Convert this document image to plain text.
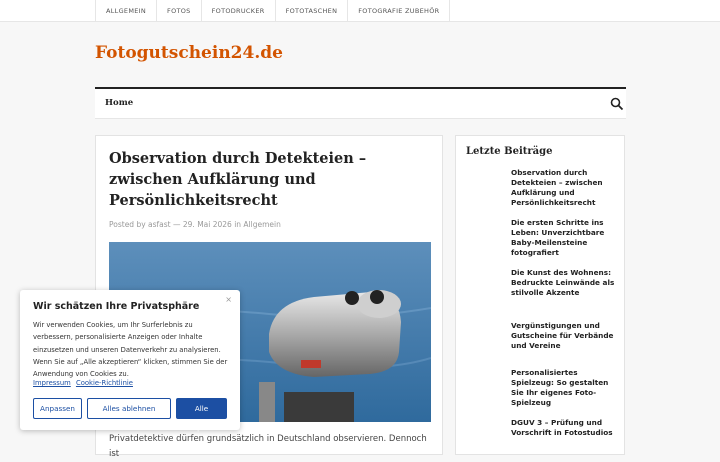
ALLGEMEIN	FOTOS	FOTODRUCKER	FOTOTASCHEN	FOTOGRAFIE ZUBEHÖR
Fotogutschein24.de
Home
Observation durch Detekteien – zwischen Aufklärung und Persönlichkeitsrecht
Posted by asfast — 29. Mai 2026 in Allgemein

Privatdetektive dürfen grundsätzlich in Deutschland observieren. Dennoch ist

Letzte Beiträge
Observation durch Detekteien – zwischen Aufklärung und Persönlichkeitsrecht
Die ersten Schritte ins Leben: Unverzichtbare Baby-Meilensteine fotografiert
Die Kunst des Wohnens: Bedruckte Leinwände als stilvolle Akzente
Vergünstigungen und Gutscheine für Verbände und Vereine
Personalisiertes Spielzeug: So gestalten Sie Ihr eigenes Foto-Spielzeug
DGUV 3 – Prüfung und Vorschrift in Fotostudios
×
Wir schätzen Ihre Privatsphäre
Wir verwenden Cookies, um Ihr Surferlebnis zu verbessern, personalisierte Anzeigen oder Inhalte einzusetzen und unseren Datenverkehr zu analysieren. Wenn Sie auf „Alle akzeptieren“ klicken, stimmen Sie der Anwendung von Cookies zu.
Impressum Cookie-Richtlinie
Anpassen	Alles ablehnen	Alle akzeptieren
